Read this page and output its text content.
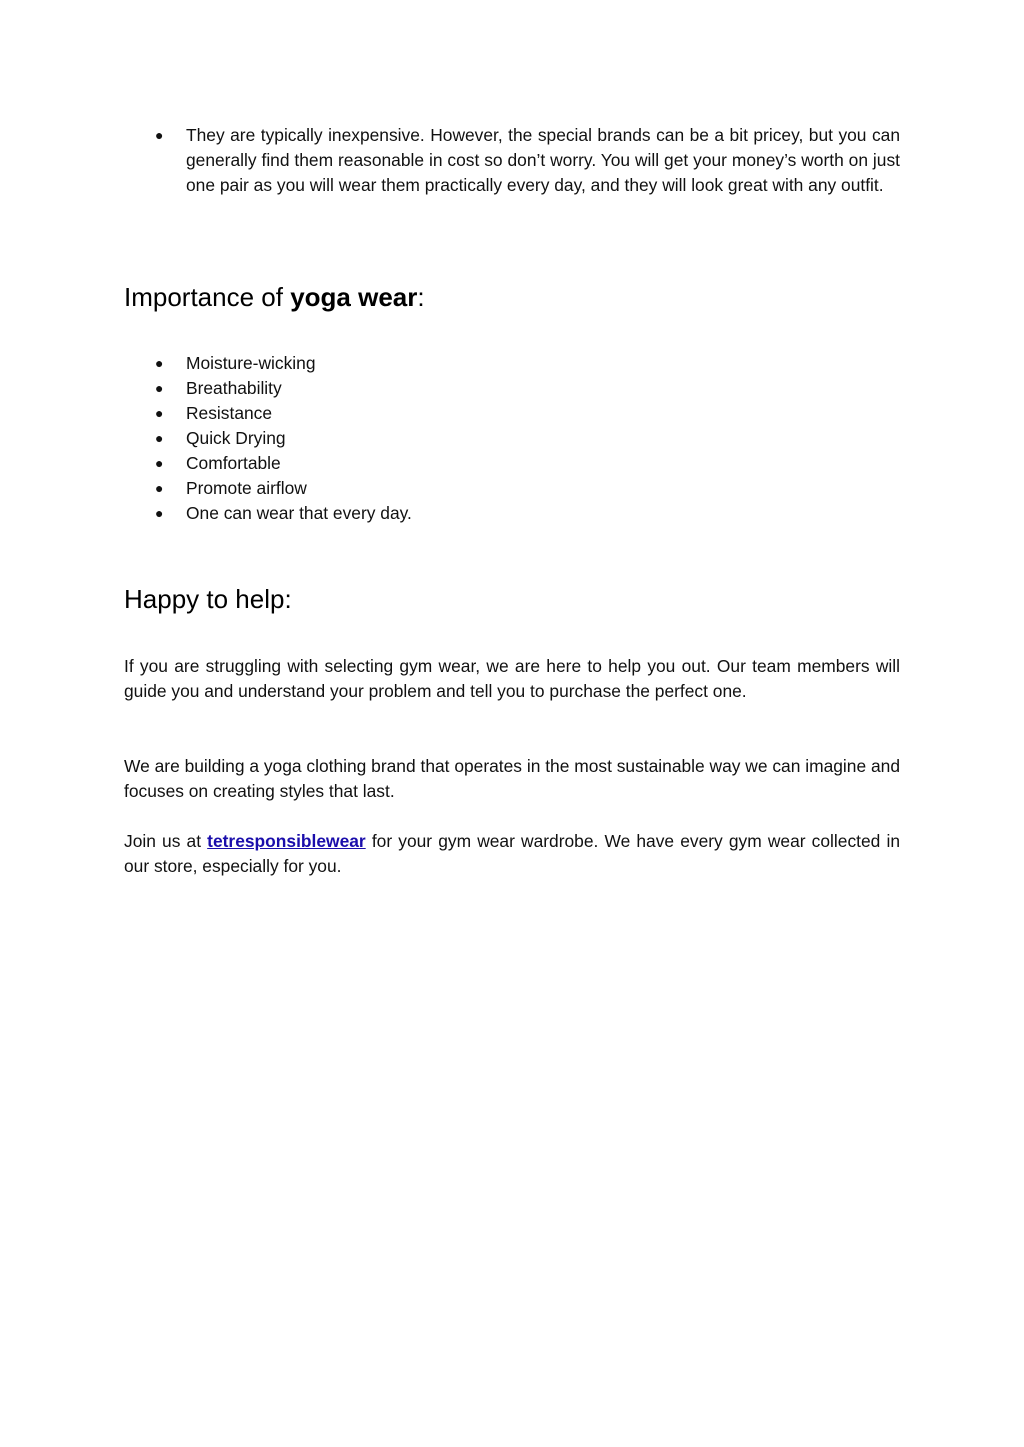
● They are typically inexpensive. However, the special brands can be a bit pricey, but you can generally find them reasonable in cost so don’t worry. You will get your money’s worth on just one pair as you will wear them practically every day, and they will look great with any outfit.
Importance of yoga wear:
● Moisture-wicking
● Breathability
● Resistance
● Quick Drying
● Comfortable
● Promote airflow
● One can wear that every day.
Happy to help:

If you are struggling with selecting gym wear, we are here to help you out. Our team members will guide you and understand your problem and tell you to purchase the perfect one.

We are building a yoga clothing brand that operates in the most sustainable way we can imagine and focuses on creating styles that last.

Join us at tetresponsiblewear for your gym wear wardrobe. We have every gym wear collected in our store, especially for you.
